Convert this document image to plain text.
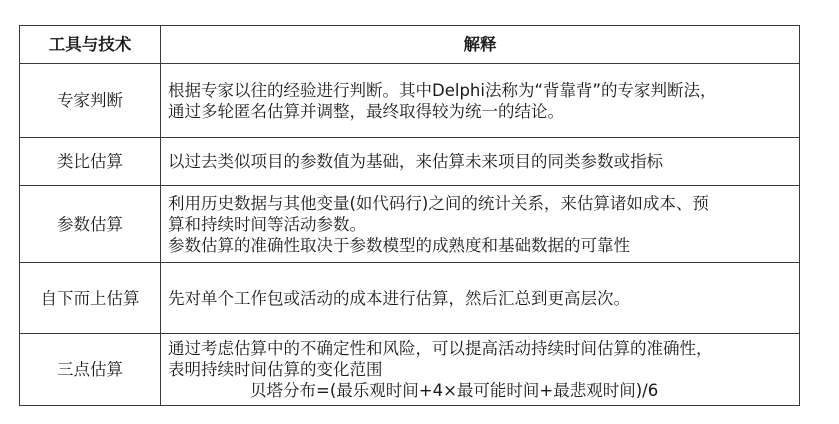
工具与技术	解释
专家判断	根据专家以往的经验进行判断。其中Delphi法称为“背靠背”的专家判断法，
通过多轮匿名估算并调整，最终取得较为统一的结论。

类比估算	以过去类似项目的参数值为基础，来估算未来项目的同类参数或指标

参数估算	利用历史数据与其他变量(如代码行)之间的统计关系，来估算诸如成本、预
算和持续时间等活动参数。
参数估算的准确性取决于参数模型的成熟度和基础数据的可靠性

自下而上估算	先对单个工作包或活动的成本进行估算，然后汇总到更高层次。

三点估算	通过考虑估算中的不确定性和风险，可以提高活动持续时间估算的准确性，
表明持续时间估算的变化范围
贝塔分布=(最乐观时间+4×最可能时间+最悲观时间)/6
